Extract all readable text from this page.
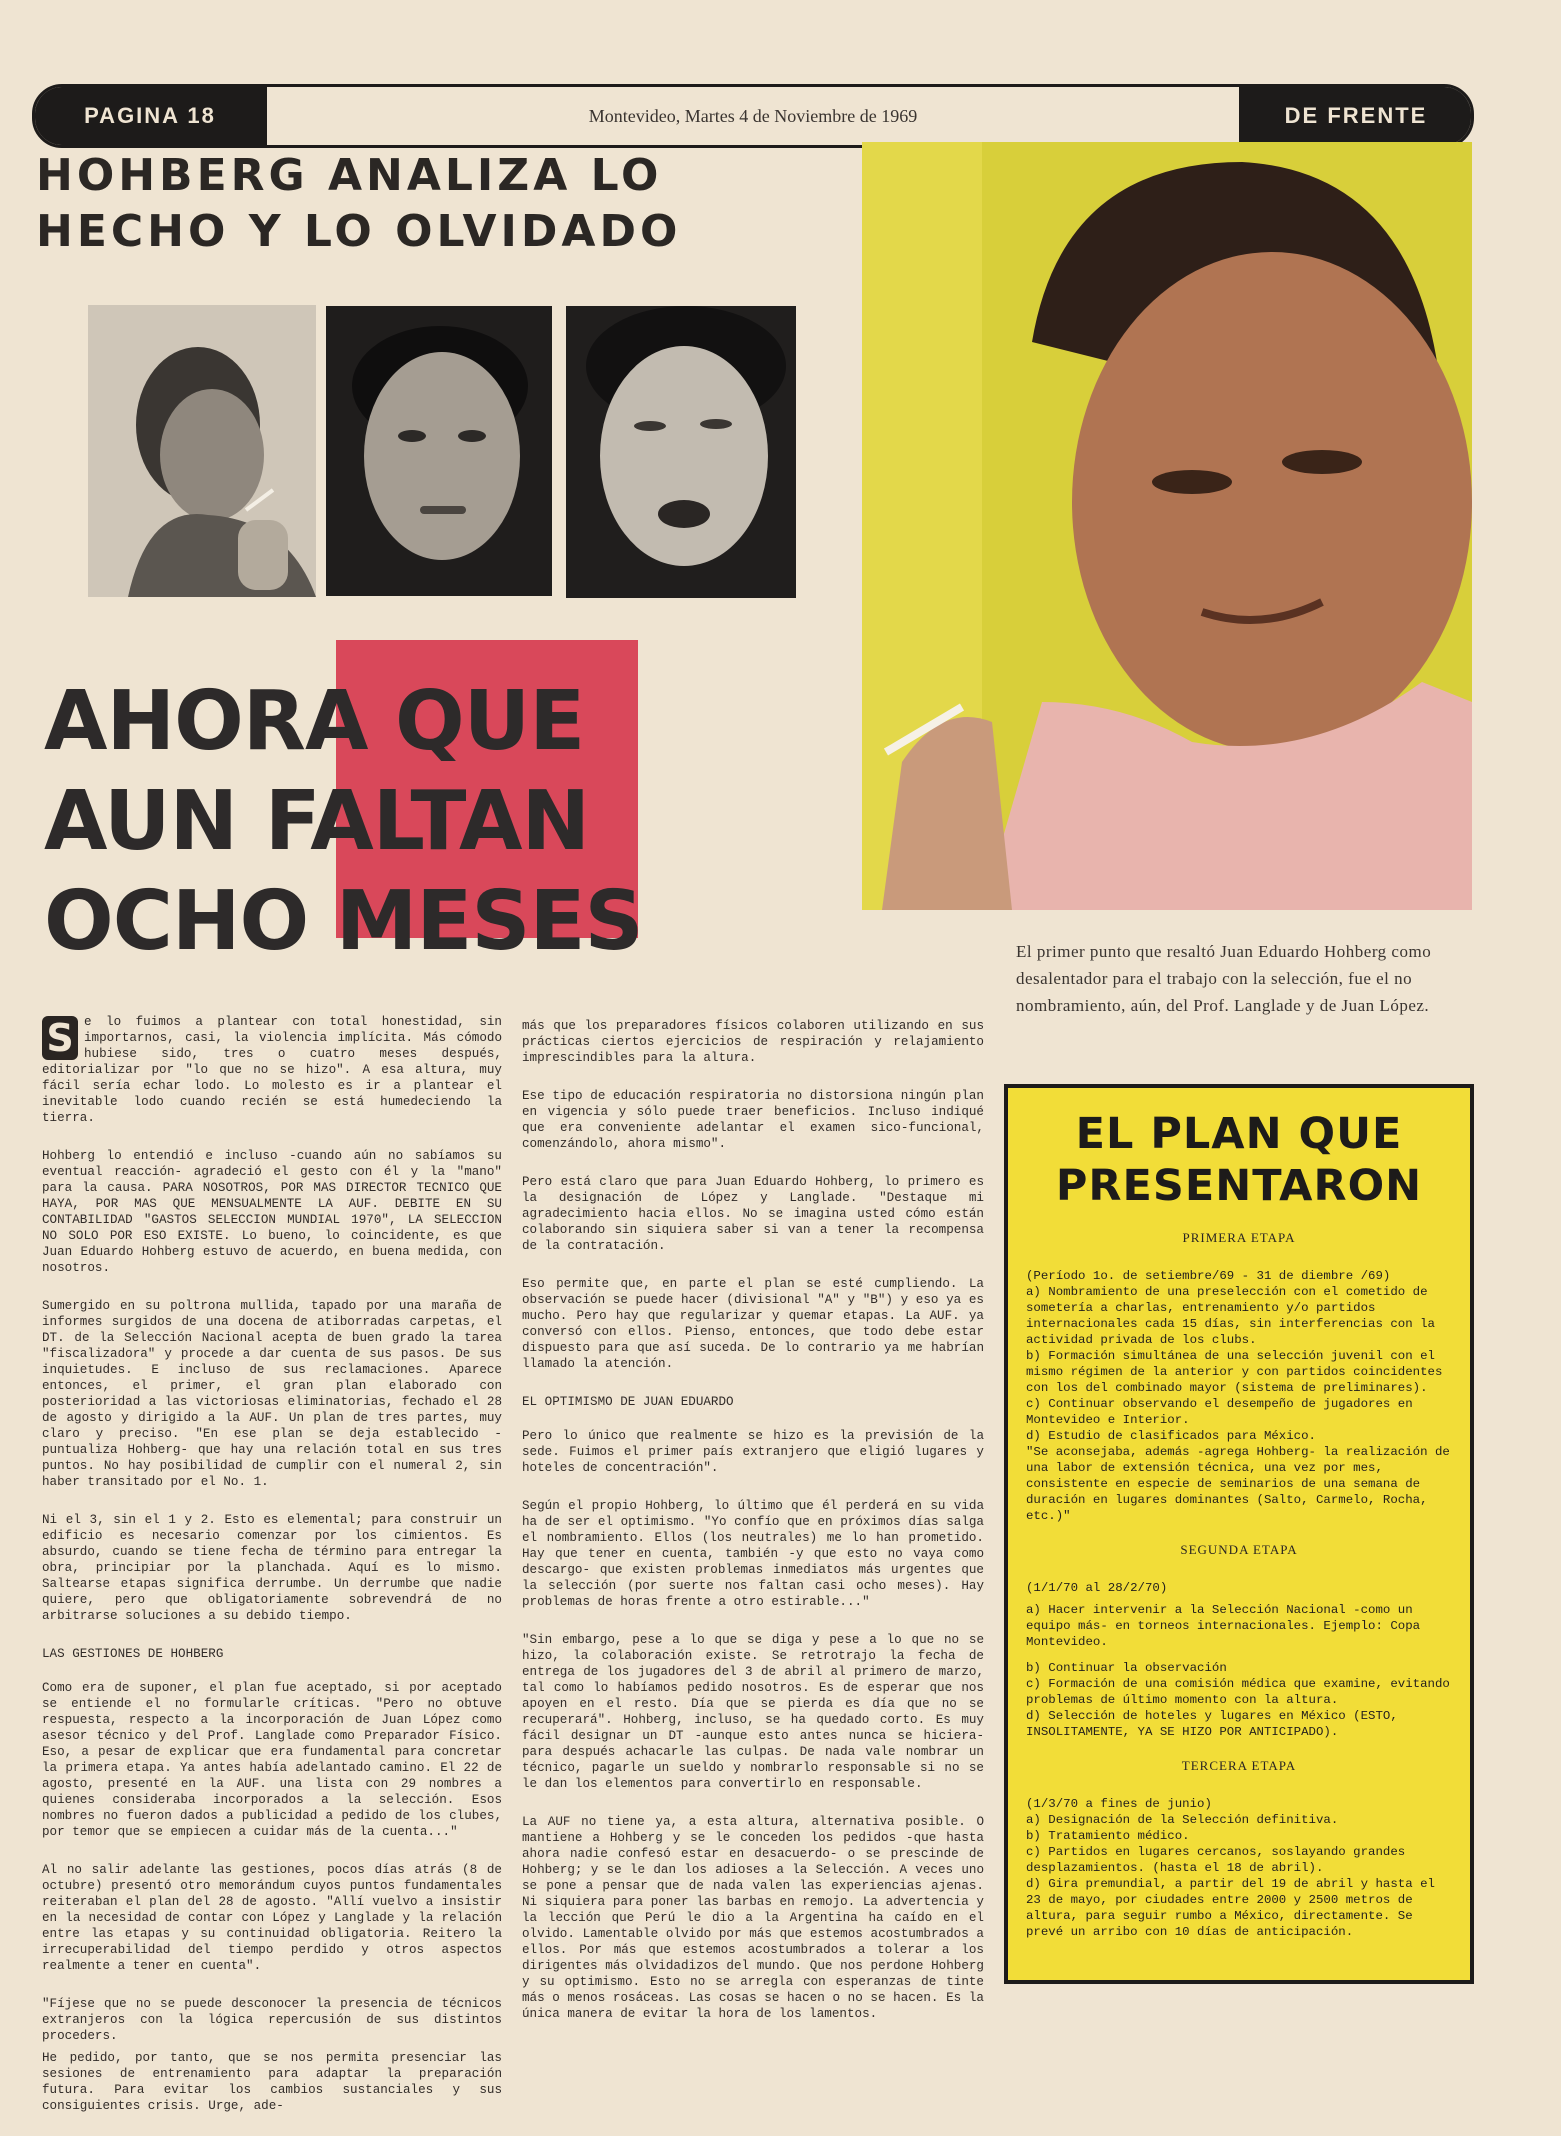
PAGINA 18	Montevideo, Martes 4 de Noviembre de 1969	DE FRENTE
HOHBERG ANALIZA LO
HECHO Y LO OLVIDADO
AHORA QUE
AUN FALTAN
OCHO MESES	El primer punto que resaltó Juan Eduardo Hohberg como desalentador para el trabajo con la selección, fue el no nombramiento, aún, del Prof. Langlade y de Juan López.

S e lo fuimos a plantear con total honestidad, sin importarnos, casi, la violencia implícita. Más cómodo hubiese sido, tres o cuatro meses después, editorializar por "lo que no se hizo". A esa altura, muy fácil sería echar lodo. Lo molesto es ir a plantear el inevitable lodo cuando recién se está humedeciendo la tierra.

Hohberg lo entendió e incluso -cuando aún no sabíamos su eventual reacción- agradeció el gesto con él y la "mano" para la causa. PARA NOSOTROS, POR MAS DIRECTOR TECNICO QUE HAYA, POR MAS QUE MENSUALMENTE LA AUF. DEBITE EN SU CONTABILIDAD "GASTOS SELECCION MUNDIAL 1970", LA SELECCION NO SOLO POR ESO EXISTE. Lo bueno, lo coincidente, es que Juan Eduardo Hohberg estuvo de acuerdo, en buena medida, con nosotros.

Sumergido en su poltrona mullida, tapado por una maraña de informes surgidos de una docena de atiborradas carpetas, el DT. de la Selección Nacional acepta de buen grado la tarea "fiscalizadora" y procede a dar cuenta de sus pasos. De sus inquietudes. E incluso de sus reclamaciones. Aparece entonces, el primer, el gran plan elaborado con posterioridad a las victoriosas eliminatorias, fechado el 28 de agosto y dirigido a la AUF. Un plan de tres partes, muy claro y preciso. "En ese plan se deja establecido -puntualiza Hohberg- que hay una relación total en sus tres puntos. No hay posibilidad de cumplir con el numeral 2, sin haber transitado por el No. 1.

Ni el 3, sin el 1 y 2. Esto es elemental; para construir un edificio es necesario comenzar por los cimientos. Es absurdo, cuando se tiene fecha de término para entregar la obra, principiar por la planchada. Aquí es lo mismo. Saltearse etapas significa derrumbe. Un derrumbe que nadie quiere, pero que obligatoriamente sobrevendrá de no arbitrarse soluciones a su debido tiempo.

LAS GESTIONES DE HOHBERG

Como era de suponer, el plan fue aceptado, si por aceptado se entiende el no formularle críticas. "Pero no obtuve respuesta, respecto a la incorporación de Juan López como asesor técnico y del Prof. Langlade como Preparador Físico. Eso, a pesar de explicar que era fundamental para concretar la primera etapa. Ya antes había adelantado camino. El 22 de agosto, presenté en la AUF. una lista con 29 nombres a quienes consideraba incorporados a la selección. Esos nombres no fueron dados a publicidad a pedido de los clubes, por temor que se empiecen a cuidar más de la cuenta..."

Al no salir adelante las gestiones, pocos días atrás (8 de octubre) presentó otro memorándum cuyos puntos fundamentales reiteraban el plan del 28 de agosto. "Allí vuelvo a insistir en la necesidad de contar con López y Langlade y la relación entre las etapas y su continuidad obligatoria. Reitero la irrecuperabilidad del tiempo perdido y otros aspectos realmente a tener en cuenta".

"Fíjese que no se puede desconocer la presencia de técnicos extranjeros con la lógica repercusión de sus distintos proceders.

He pedido, por tanto, que se nos permita presenciar las sesiones de entrenamiento para adaptar la preparación futura. Para evitar los cambios sustanciales y sus consiguientes crisis. Urge, ade-

más que los preparadores físicos colaboren utilizando en sus prácticas ciertos ejercicios de respiración y relajamiento imprescindibles para la altura.

Ese tipo de educación respiratoria no distorsiona ningún plan en vigencia y sólo puede traer beneficios. Incluso indiqué que era conveniente adelantar el examen sico-funcional, comenzándolo, ahora mismo".

Pero está claro que para Juan Eduardo Hohberg, lo primero es la designación de López y Langlade. "Destaque mi agradecimiento hacia ellos. No se imagina usted cómo están colaborando sin siquiera saber si van a tener la recompensa de la contratación.

Eso permite que, en parte el plan se esté cumpliendo. La observación se puede hacer (divisional "A" y "B") y eso ya es mucho. Pero hay que regularizar y quemar etapas. La AUF. ya conversó con ellos. Pienso, entonces, que todo debe estar dispuesto para que así suceda. De lo contrario ya me habrían llamado la atención.

EL OPTIMISMO DE JUAN EDUARDO

Pero lo único que realmente se hizo es la previsión de la sede. Fuimos el primer país extranjero que eligió lugares y hoteles de concentración".

Según el propio Hohberg, lo último que él perderá en su vida ha de ser el optimismo. "Yo confío que en próximos días salga el nombramiento. Ellos (los neutrales) me lo han prometido. Hay que tener en cuenta, también -y que esto no vaya como descargo- que existen problemas inmediatos más urgentes que la selección (por suerte nos faltan casi ocho meses). Hay problemas de horas frente a otro estirable..."

"Sin embargo, pese a lo que se diga y pese a lo que no se hizo, la colaboración existe. Se retrotrajo la fecha de entrega de los jugadores del 3 de abril al primero de marzo, tal como lo habíamos pedido nosotros. Es de esperar que nos apoyen en el resto. Día que se pierda es día que no se recuperará". Hohberg, incluso, se ha quedado corto. Es muy fácil designar un DT -aunque esto antes nunca se hiciera- para después achacarle las culpas. De nada vale nombrar un técnico, pagarle un sueldo y nombrarlo responsable si no se le dan los elementos para convertirlo en responsable.

La AUF no tiene ya, a esta altura, alternativa posible. O mantiene a Hohberg y se le conceden los pedidos -que hasta ahora nadie confesó estar en desacuerdo- o se prescinde de Hohberg; y se le dan los adioses a la Selección. A veces uno se pone a pensar que de nada valen las experiencias ajenas. Ni siquiera para poner las barbas en remojo. La advertencia y la lección que Perú le dio a la Argentina ha caído en el olvido. Lamentable olvido por más que estemos acostumbrados a ellos. Por más que estemos acostumbrados a tolerar a los dirigentes más olvidadizos del mundo. Que nos perdone Hohberg y su optimismo. Esto no se arregla con esperanzas de tinte más o menos rosáceas. Las cosas se hacen o no se hacen. Es la única manera de evitar la hora de los lamentos.

EL PLAN QUE
PRESENTARON
PRIMERA ETAPA
(Período 1o. de setiembre/69 - 31 de diembre /69)
a) Nombramiento de una preselección con el cometido de sometería a charlas, entrenamiento y/o partidos internacionales cada 15 días, sin interferencias con la actividad privada de los clubs.
b) Formación simultánea de una selección juvenil con el mismo régimen de la anterior y con partidos coincidentes con los del combinado mayor (sistema de preliminares).
c) Continuar observando el desempeño de jugadores en Montevideo e Interior.
d) Estudio de clasificados para México.
"Se aconsejaba, además -agrega Hohberg- la realización de una labor de extensión técnica, una vez por mes, consistente en especie de seminarios de una semana de duración en lugares dominantes (Salto, Carmelo, Rocha, etc.)"
SEGUNDA ETAPA
(1/1/70 al 28/2/70)
a) Hacer intervenir a la Selección Nacional -como un equipo más- en torneos internacionales. Ejemplo: Copa Montevideo.
b) Continuar la observación
c) Formación de una comisión médica que examine, evitando problemas de último momento con la altura.
d) Selección de hoteles y lugares en México (ESTO, INSOLITAMENTE, YA SE HIZO POR ANTICIPADO).
TERCERA ETAPA
(1/3/70 a fines de junio)
a) Designación de la Selección definitiva.
b) Tratamiento médico.
c) Partidos en lugares cercanos, soslayando grandes desplazamientos. (hasta el 18 de abril).
d) Gira premundial, a partir del 19 de abril y hasta el 23 de mayo, por ciudades entre 2000 y 2500 metros de altura, para seguir rumbo a México, directamente. Se prevé un arribo con 10 días de anticipación.
